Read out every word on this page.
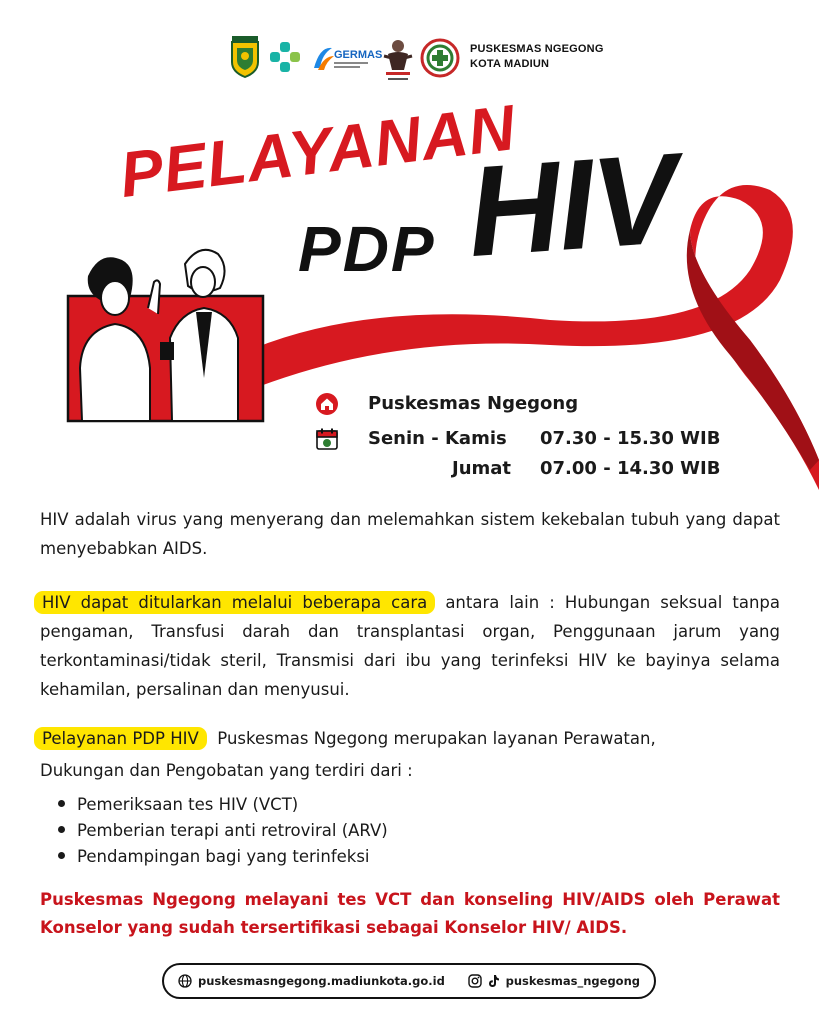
GERMAS	PUSKESMAS NGEGONG
KOTA MADIUN
PELAYANAN
PDP HIV
Puskesmas Ngegong
Senin - Kamis 07.30 - 15.30 WIB
Jumat 07.00 - 14.30 WIB

HIV adalah virus yang menyerang dan melemahkan sistem kekebalan tubuh yang dapat menyebabkan AIDS.

HIV dapat ditularkan melalui beberapa cara antara lain : Hubungan seksual tanpa pengaman, Transfusi darah dan transplantasi organ, Penggunaan jarum yang terkontaminasi/tidak steril, Transmisi dari ibu yang terinfeksi HIV ke bayinya selama kehamilan, persalinan dan menyusui.

Pelayanan PDP HIV Puskesmas Ngegong merupakan layanan Perawatan,

Dukungan dan Pengobatan yang terdiri dari :

Pemeriksaan tes HIV (VCT)
Pemberian terapi anti retroviral (ARV)
Pendampingan bagi yang terinfeksi

Puskesmas Ngegong melayani tes VCT dan konseling HIV/AIDS oleh Perawat Konselor yang sudah tersertifikasi sebagai Konselor HIV/ AIDS.

puskesmasngegong.madiunkota.go.id	puskesmas_ngegong
